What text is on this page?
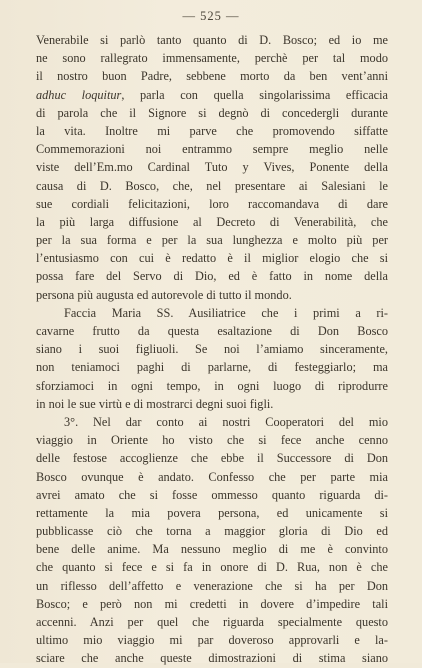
— 525 —
Venerabile si parlò tanto quanto di D. Bosco; ed io me
ne sono rallegrato immensamente, perchè per tal modo
il nostro buon Padre, sebbene morto da ben vent’anni
adhuc loquitur, parla con quella singolarissima efficacia
di parola che il Signore si degnò di concedergli durante
la vita. Inoltre mi parve che promovendo siffatte
Commemorazioni noi entrammo sempre meglio nelle
viste dell’Em.mo Cardinal Tuto y Vives, Ponente della
causa di D. Bosco, che, nel presentare ai Salesiani le
sue cordiali felicitazioni, loro raccomandava di dare
la più larga diffusione al Decreto di Venerabilità, che
per la sua forma e per la sua lunghezza e molto più per
l’entusiasmo con cui è redatto è il miglior elogio che si
possa fare del Servo di Dio, ed è fatto in nome della
persona più augusta ed autorevole di tutto il mondo.
Faccia Maria SS. Ausiliatrice che i primi a ri-
cavarne frutto da questa esaltazione di Don Bosco
siano i suoi figliuoli. Se noi l’amiamo sinceramente,
non teniamoci paghi di parlarne, di festeggiarlo; ma
sforziamoci in ogni tempo, in ogni luogo di riprodurre
in noi le sue virtù e di mostrarci degni suoi figli.
3°. Nel dar conto ai nostri Cooperatori del mio
viaggio in Oriente ho visto che si fece anche cenno
delle festose accoglienze che ebbe il Successore di Don
Bosco ovunque è andato. Confesso che per parte mia
avrei amato che si fosse ommesso quanto riguarda di-
rettamente la mia povera persona, ed unicamente si
pubblicasse ciò che torna a maggior gloria di Dio ed
bene delle anime. Ma nessuno meglio di me è convinto
che quanto si fece e si fa in onore di D. Rua, non è che
un riflesso dell’affetto e venerazione che si ha per Don
Bosco; e però non mi credetti in dovere d’impedire tali
accenni. Anzi per quel che riguarda specialmente questo
ultimo mio viaggio mi par doveroso approvarli e la-
sciare che anche queste dimostrazioni di stima siano
